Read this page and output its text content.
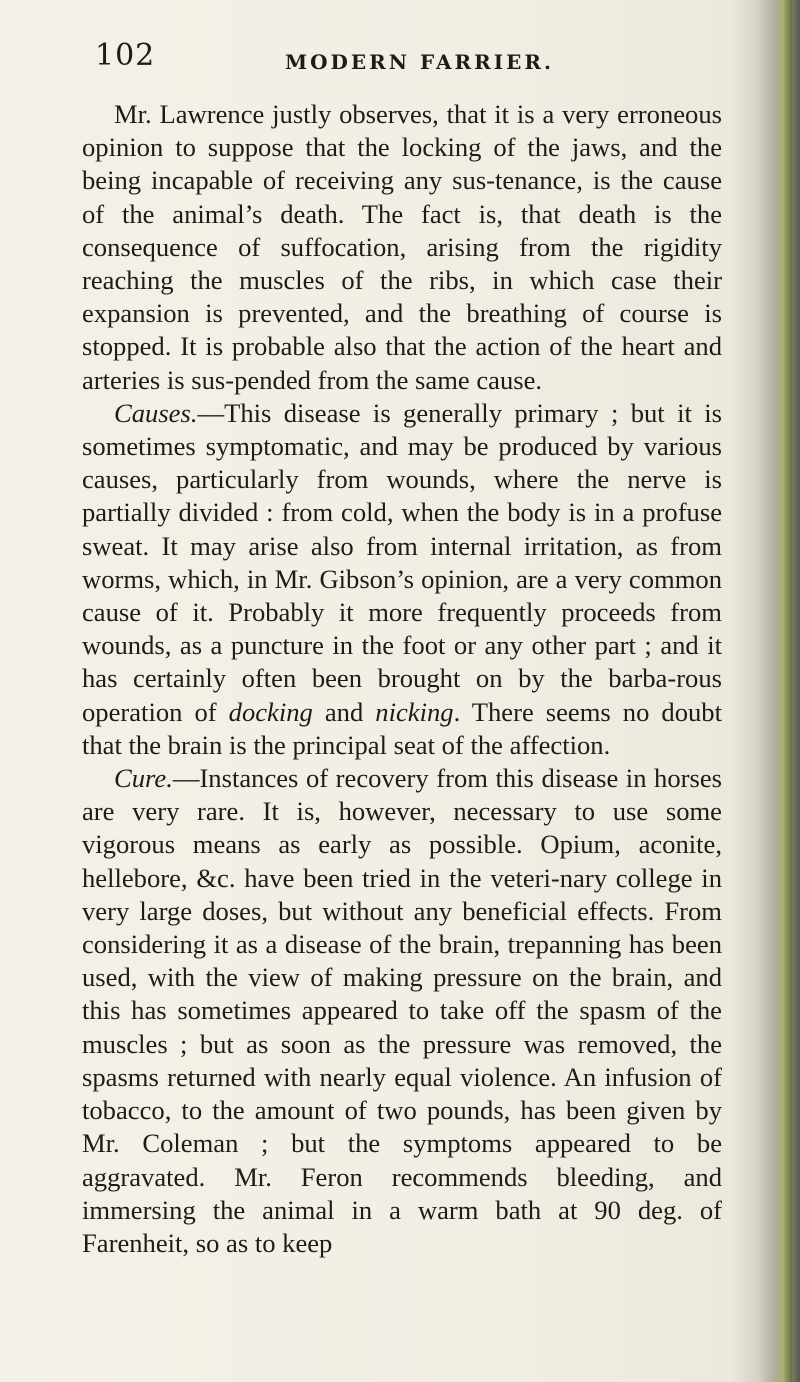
102	MODERN FARRIER.

Mr. Lawrence justly observes, that it is a very erroneous opinion to suppose that the locking of the jaws, and the being incapable of receiving any sus-tenance, is the cause of the animal’s death. The fact is, that death is the consequence of suffocation, arising from the rigidity reaching the muscles of the ribs, in which case their expansion is prevented, and the breathing of course is stopped. It is probable also that the action of the heart and arteries is sus-pended from the same cause.

Causes.—This disease is generally primary ; but it is sometimes symptomatic, and may be produced by various causes, particularly from wounds, where the nerve is partially divided : from cold, when the body is in a profuse sweat. It may arise also from internal irritation, as from worms, which, in Mr. Gibson’s opinion, are a very common cause of it. Probably it more frequently proceeds from wounds, as a puncture in the foot or any other part ; and it has certainly often been brought on by the barba-rous operation of docking and nicking. There seems no doubt that the brain is the principal seat of the affection.

Cure.—Instances of recovery from this disease in horses are very rare. It is, however, necessary to use some vigorous means as early as possible. Opium, aconite, hellebore, &c. have been tried in the veteri-nary college in very large doses, but without any beneficial effects. From considering it as a disease of the brain, trepanning has been used, with the view of making pressure on the brain, and this has sometimes appeared to take off the spasm of the muscles ; but as soon as the pressure was removed, the spasms returned with nearly equal violence. An infusion of tobacco, to the amount of two pounds, has been given by Mr. Coleman ; but the symptoms appeared to be aggravated. Mr. Feron recommends bleeding, and immersing the animal in a warm bath at 90 deg. of Farenheit, so as to keep
